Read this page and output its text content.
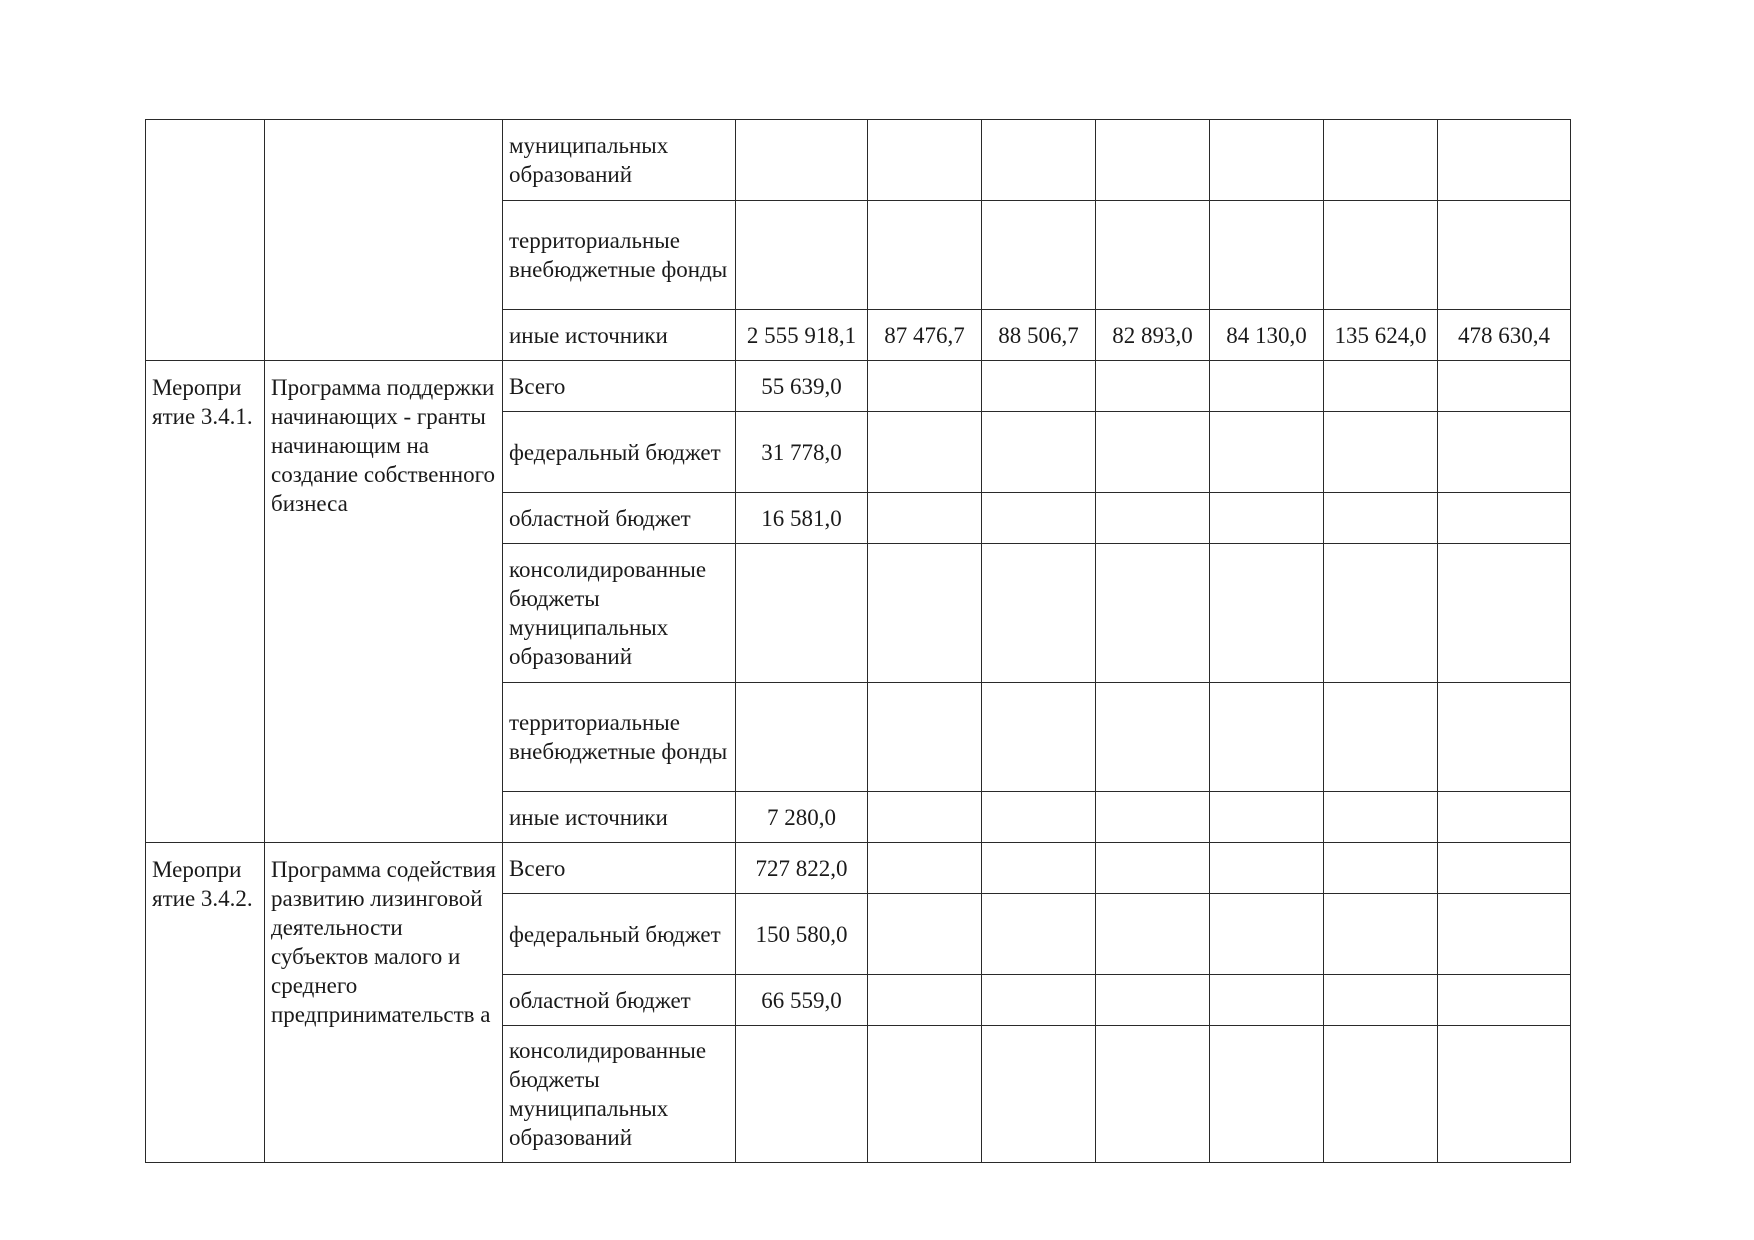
		муниципальных образований							
		территориальные внебюджетные фонды							
		иные источники	2 555 918,1	87 476,7	88 506,7	82 893,0	84 130,0	135 624,0	478 630,4
Меропри ятие 3.4.1.	Программа поддержки начинающих - гранты начинающим на создание собственного бизнеса	Всего	55 639,0						
		федеральный бюджет	31 778,0						
		областной бюджет	16 581,0						
		консолидированные бюджеты муниципальных образований							
		территориальные внебюджетные фонды							
		иные источники	7 280,0						
Меропри ятие 3.4.2.	Программа содействия развитию лизинговой деятельности субъектов малого и среднего предпринимательств а	Всего	727 822,0						
		федеральный бюджет	150 580,0						
		областной бюджет	66 559,0						
		консолидированные бюджеты муниципальных образований							
